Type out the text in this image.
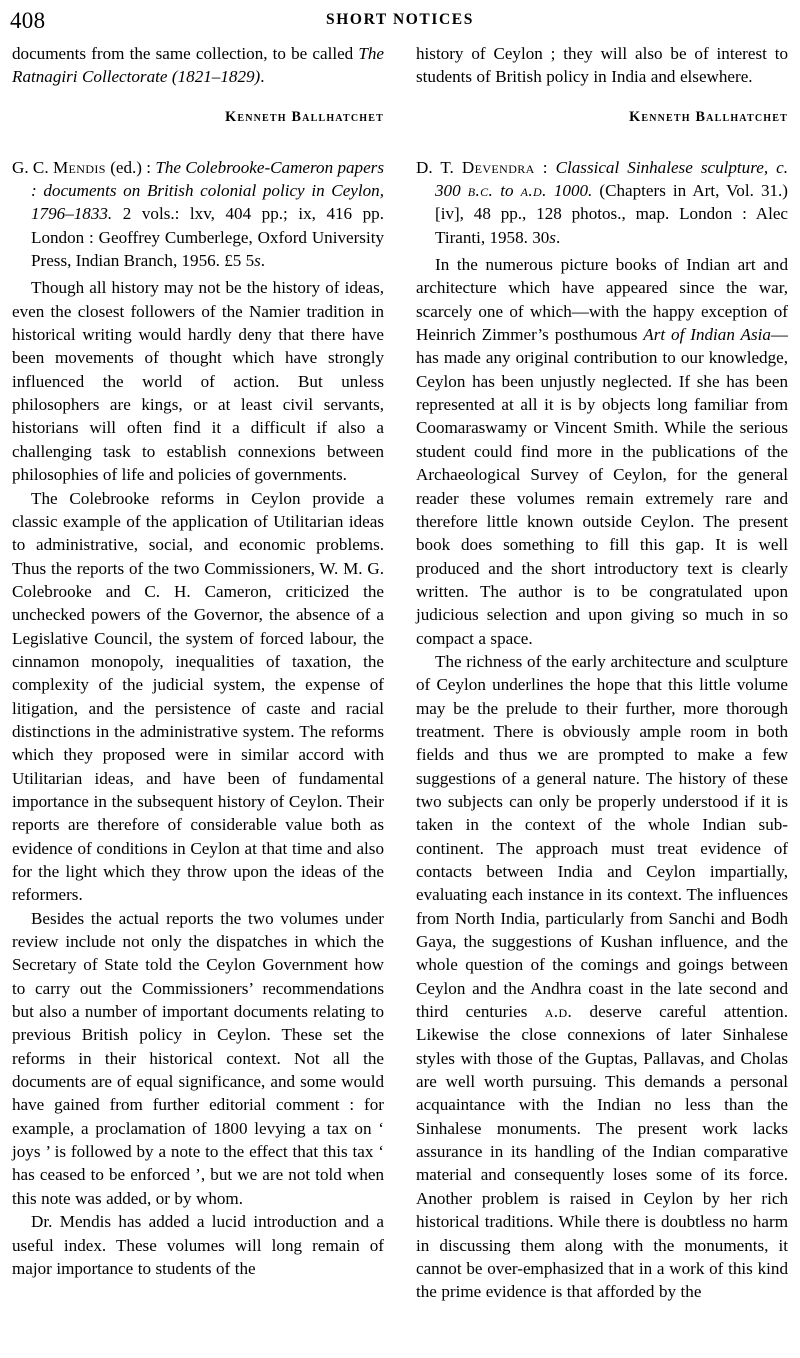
408	SHORT NOTICES

documents from the same collection, to be called The Ratnagiri Collectorate (1821–1829).

Kenneth Ballhatchet
G. C. Mendis (ed.) : The Colebrooke-Cameron papers : documents on British colonial policy in Ceylon, 1796–1833. 2 vols.: lxv, 404 pp.; ix, 416 pp. London : Geoffrey Cumberlege, Oxford University Press, Indian Branch, 1956. £5 5s.

Though all history may not be the history of ideas, even the closest followers of the Namier tradition in historical writing would hardly deny that there have been movements of thought which have strongly influenced the world of action. But unless philosophers are kings, or at least civil servants, historians will often find it a difficult if also a challenging task to establish connexions between philosophies of life and policies of governments.

The Colebrooke reforms in Ceylon provide a classic example of the application of Utilitarian ideas to administrative, social, and economic problems. Thus the reports of the two Commissioners, W. M. G. Colebrooke and C. H. Cameron, criticized the unchecked powers of the Governor, the absence of a Legislative Council, the system of forced labour, the cinnamon monopoly, inequalities of taxation, the complexity of the judicial system, the expense of litigation, and the persistence of caste and racial distinctions in the administrative system. The reforms which they proposed were in similar accord with Utilitarian ideas, and have been of fundamental importance in the subsequent history of Ceylon. Their reports are therefore of considerable value both as evidence of conditions in Ceylon at that time and also for the light which they throw upon the ideas of the reformers.

Besides the actual reports the two volumes under review include not only the dispatches in which the Secretary of State told the Ceylon Government how to carry out the Commissioners’ recommendations but also a number of important documents relating to previous British policy in Ceylon. These set the reforms in their historical context. Not all the documents are of equal significance, and some would have gained from further editorial comment : for example, a proclamation of 1800 levying a tax on ‘ joys ’ is followed by a note to the effect that this tax ‘ has ceased to be enforced ’, but we are not told when this note was added, or by whom.

Dr. Mendis has added a lucid introduction and a useful index. These volumes will long remain of major importance to students of the

history of Ceylon ; they will also be of interest to students of British policy in India and elsewhere.

Kenneth Ballhatchet
D. T. Devendra : Classical Sinhalese sculpture, c. 300 b.c. to a.d. 1000. (Chapters in Art, Vol. 31.) [iv], 48 pp., 128 photos., map. London : Alec Tiranti, 1958. 30s.

In the numerous picture books of Indian art and architecture which have appeared since the war, scarcely one of which—with the happy exception of Heinrich Zimmer’s posthumous Art of Indian Asia—has made any original contribution to our knowledge, Ceylon has been unjustly neglected. If she has been represented at all it is by objects long familiar from Coomaraswamy or Vincent Smith. While the serious student could find more in the publications of the Archaeological Survey of Ceylon, for the general reader these volumes remain extremely rare and therefore little known outside Ceylon. The present book does something to fill this gap. It is well produced and the short introductory text is clearly written. The author is to be congratulated upon judicious selection and upon giving so much in so compact a space.

The richness of the early architecture and sculpture of Ceylon underlines the hope that this little volume may be the prelude to their further, more thorough treatment. There is obviously ample room in both fields and thus we are prompted to make a few suggestions of a general nature. The history of these two subjects can only be properly understood if it is taken in the context of the whole Indian sub-continent. The approach must treat evidence of contacts between India and Ceylon impartially, evaluating each instance in its context. The influences from North India, particularly from Sanchi and Bodh Gaya, the suggestions of Kushan influence, and the whole question of the comings and goings between Ceylon and the Andhra coast in the late second and third centuries a.d. deserve careful attention. Likewise the close connexions of later Sinhalese styles with those of the Guptas, Pallavas, and Cholas are well worth pursuing. This demands a personal acquaintance with the Indian no less than the Sinhalese monuments. The present work lacks assurance in its handling of the Indian comparative material and consequently loses some of its force. Another problem is raised in Ceylon by her rich historical traditions. While there is doubtless no harm in discussing them along with the monuments, it cannot be over-emphasized that in a work of this kind the prime evidence is that afforded by the
